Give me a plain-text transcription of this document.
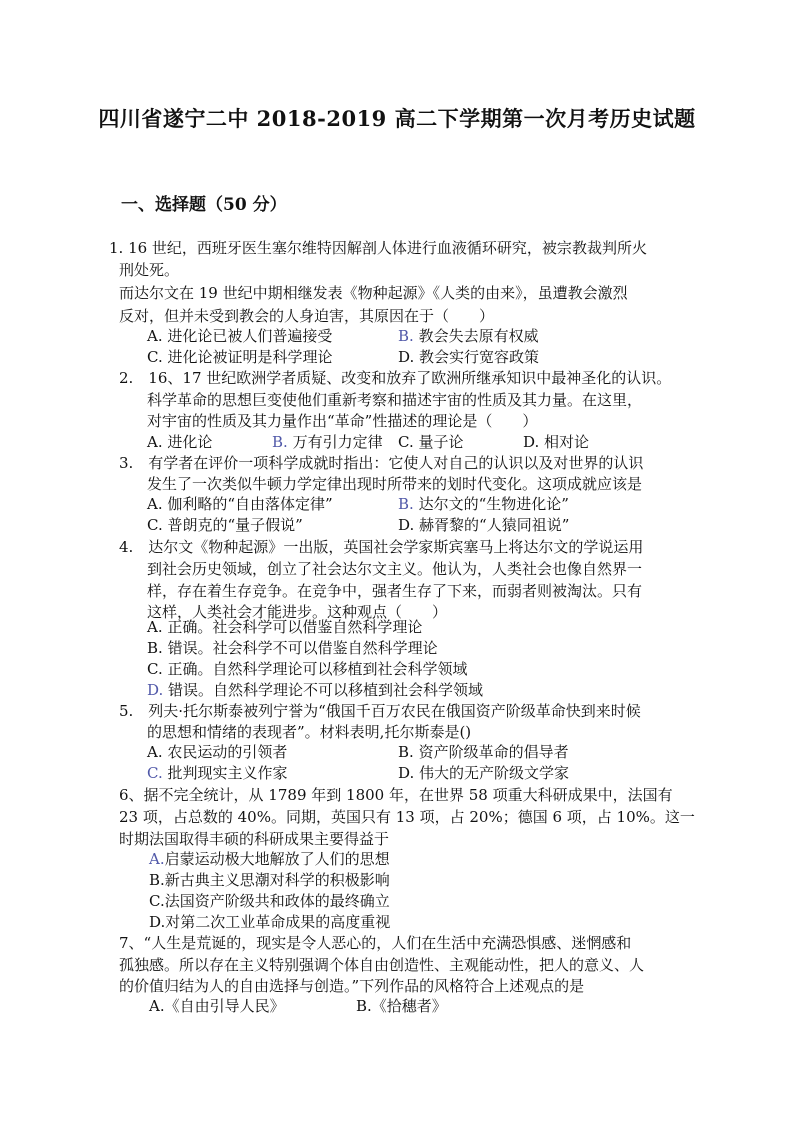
四川省遂宁二中 2018-2019 高二下学期第一次月考历史试题
一、选择题（50 分）
1. 16 世纪，西班牙医生塞尔维特因解剖人体进行血液循环研究，被宗教裁判所火
刑处死。
而达尔文在 19 世纪中期相继发表《物种起源》《人类的由来》，虽遭教会激烈
反对，但并未受到教会的人身迫害，其原因在于（　　）
A. 进化论已被人们普遍接受	B. 教会失去原有权威
C. 进化论被证明是科学理论	D. 教会实行宽容政策
2.　16、17 世纪欧洲学者质疑、改变和放弃了欧洲所继承知识中最神圣化的认识。
科学革命的思想巨变使他们重新考察和描述宇宙的性质及其力量。在这里，
对宇宙的性质及其力量作出“革命”性描述的理论是（　　）
A. 进化论	B. 万有引力定律 C. 量子论	D. 相对论
3.　有学者在评价一项科学成就时指出：它使人对自己的认识以及对世界的认识
发生了一次类似牛顿力学定律出现时所带来的划时代变化。这项成就应该是
A. 伽利略的“自由落体定律”	B. 达尔文的“生物进化论”
C. 普朗克的“量子假说”	D. 赫胥黎的“人猿同祖说”
4.　达尔文《物种起源》一出版，英国社会学家斯宾塞马上将达尔文的学说运用
到社会历史领域，创立了社会达尔文主义。他认为，人类社会也像自然界一
样，存在着生存竞争。在竞争中，强者生存了下来，而弱者则被淘汰。只有
这样，人类社会才能进步。这种观点（　　）
A. 正确。社会科学可以借鉴自然科学理论
B. 错误。社会科学不可以借鉴自然科学理论
C. 正确。自然科学理论可以移植到社会科学领域
D. 错误。自然科学理论不可以移植到社会科学领域
5.　列夫·托尔斯泰被列宁誉为“俄国千百万农民在俄国资产阶级革命快到来时候
的思想和情绪的表现者”。材料表明,托尔斯泰是()
A. 农民运动的引领者	B. 资产阶级革命的倡导者
C. 批判现实主义作家	D. 伟大的无产阶级文学家
6、据不完全统计，从 1789 年到 1800 年，在世界 58 项重大科研成果中，法国有
23 项，占总数的 40%。同期，英国只有 13 项，占 20%；德国 6 项，占 10%。这一
时期法国取得丰硕的科研成果主要得益于
A.启蒙运动极大地解放了人们的思想
B.新古典主义思潮对科学的积极影响
C.法国资产阶级共和政体的最终确立
D.对第二次工业革命成果的高度重视
7、“人生是荒诞的，现实是令人恶心的，人们在生活中充满恐惧感、迷惘感和
孤独感。所以存在主义特别强调个体自由创造性、主观能动性，把人的意义、人
的价值归结为人的自由选择与创造。”下列作品的风格符合上述观点的是
A.《自由引导人民》	B.《拾穗者》
